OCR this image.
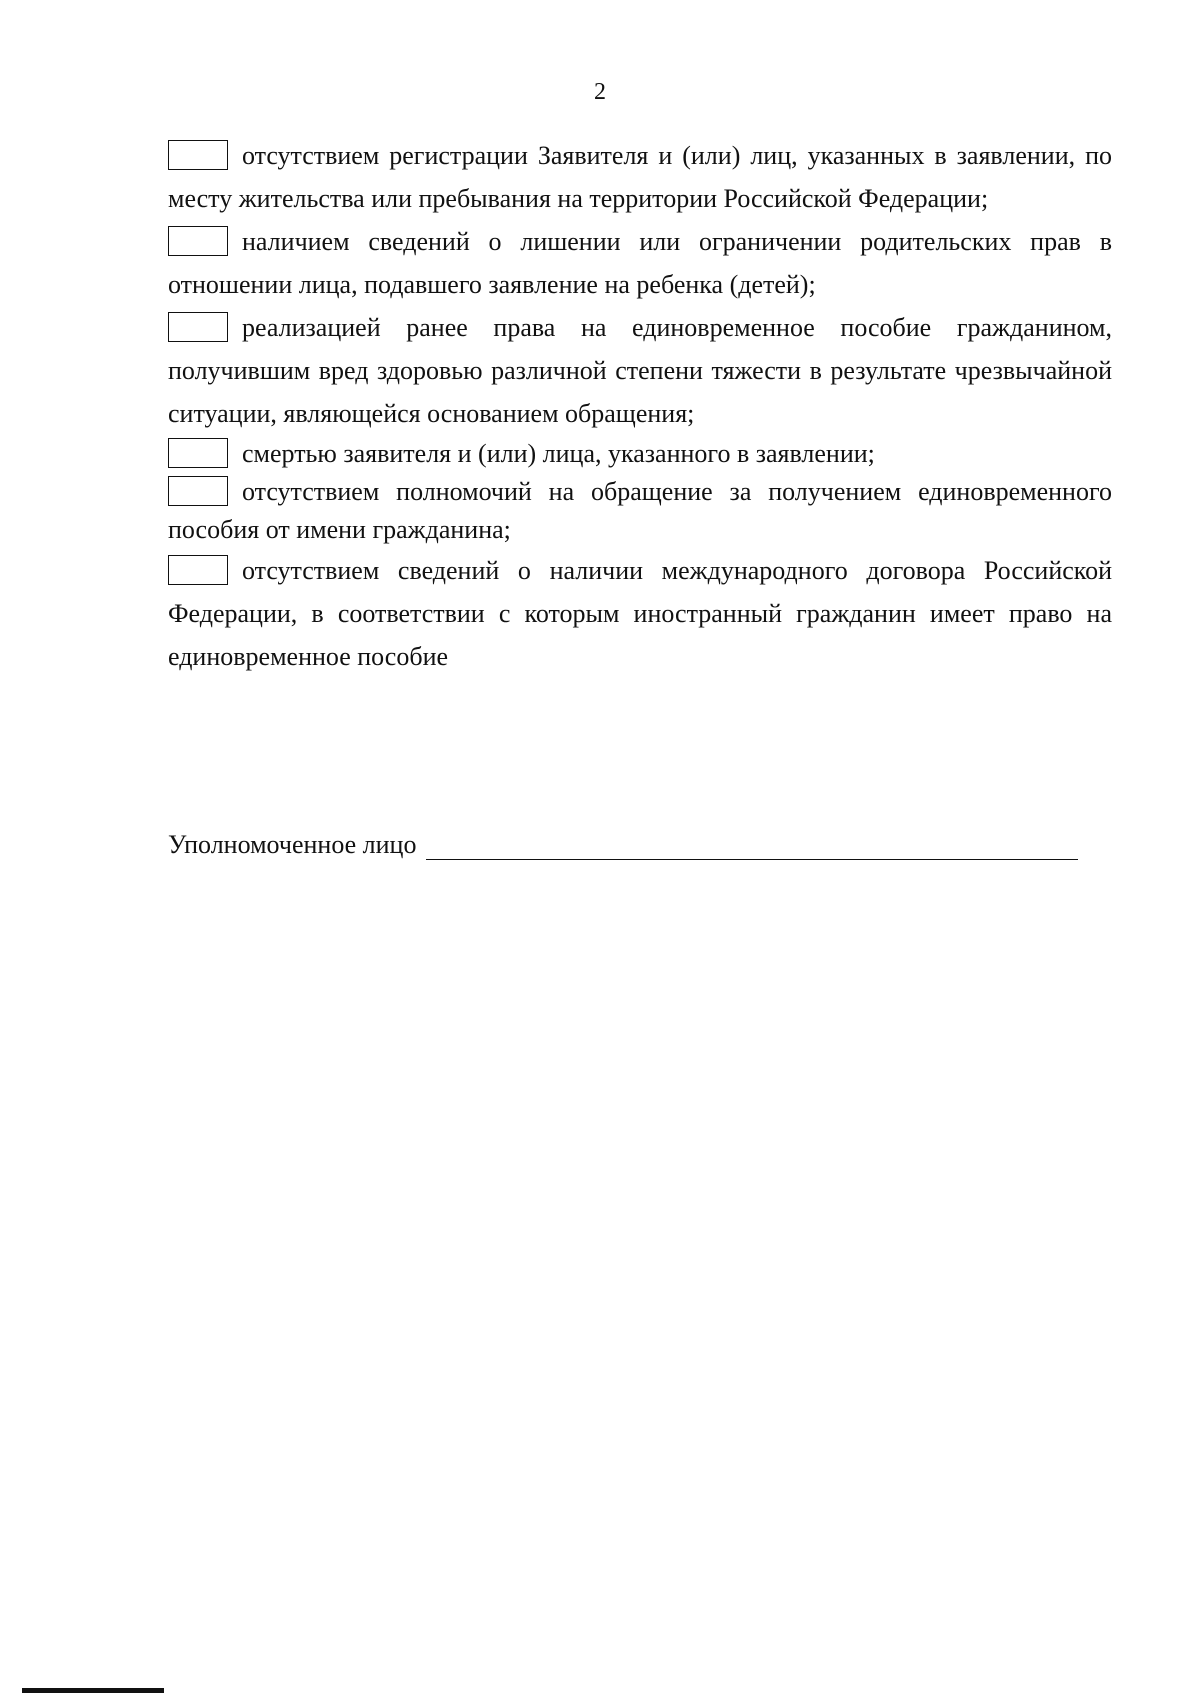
2

отсутствием регистрации Заявителя и (или) лиц, указанных в заявлении, по месту жительства или пребывания на территории Российской Федерации;

наличием сведений о лишении или ограничении родительских прав в отношении лица, подавшего заявление на ребенка (детей);

реализацией ранее права на единовременное пособие гражданином, получившим вред здоровью различной степени тяжести в результате чрезвычайной ситуации, являющейся основанием обращения;

смертью заявителя и (или) лица, указанного в заявлении;

отсутствием полномочий на обращение за получением единовременного пособия от имени гражданина;

отсутствием сведений о наличии международного договора Российской Федерации, в соответствии с которым иностранный гражданин имеет право на единовременное пособие

Уполномоченное лицо
